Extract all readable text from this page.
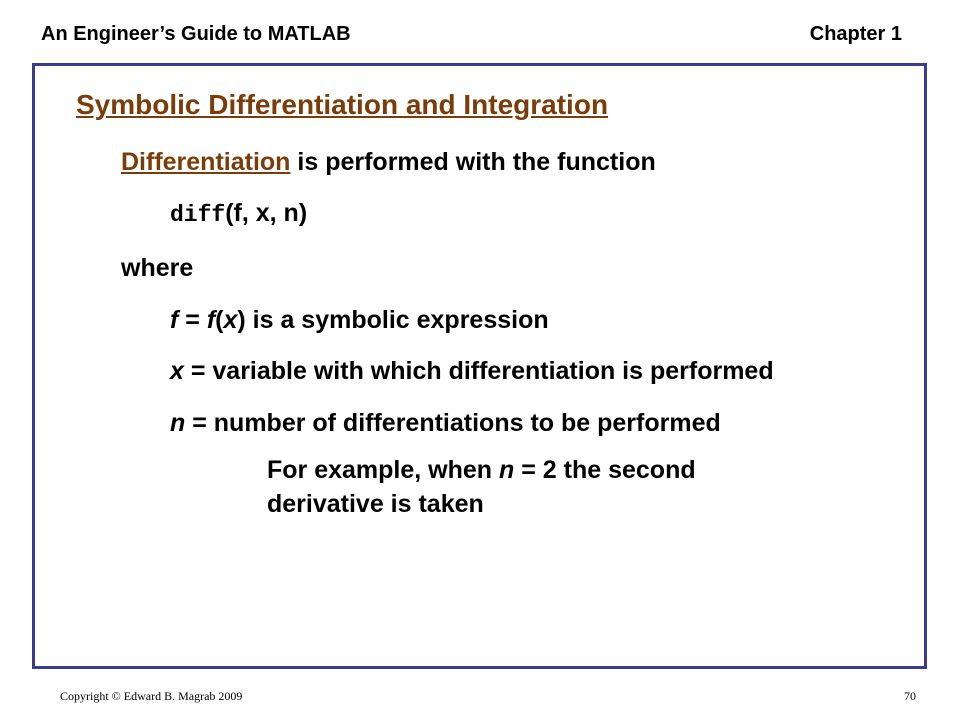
An Engineer’s Guide to MATLAB	Chapter 1
Symbolic Differentiation and Integration
Differentiation is performed with the function
diff(f, x, n)
where
f = f(x) is a symbolic expression
x = variable with which differentiation is performed
n = number of differentiations to be performed
For example, when n = 2 the second
derivative is taken
Copyright © Edward B. Magrab 2009	70
